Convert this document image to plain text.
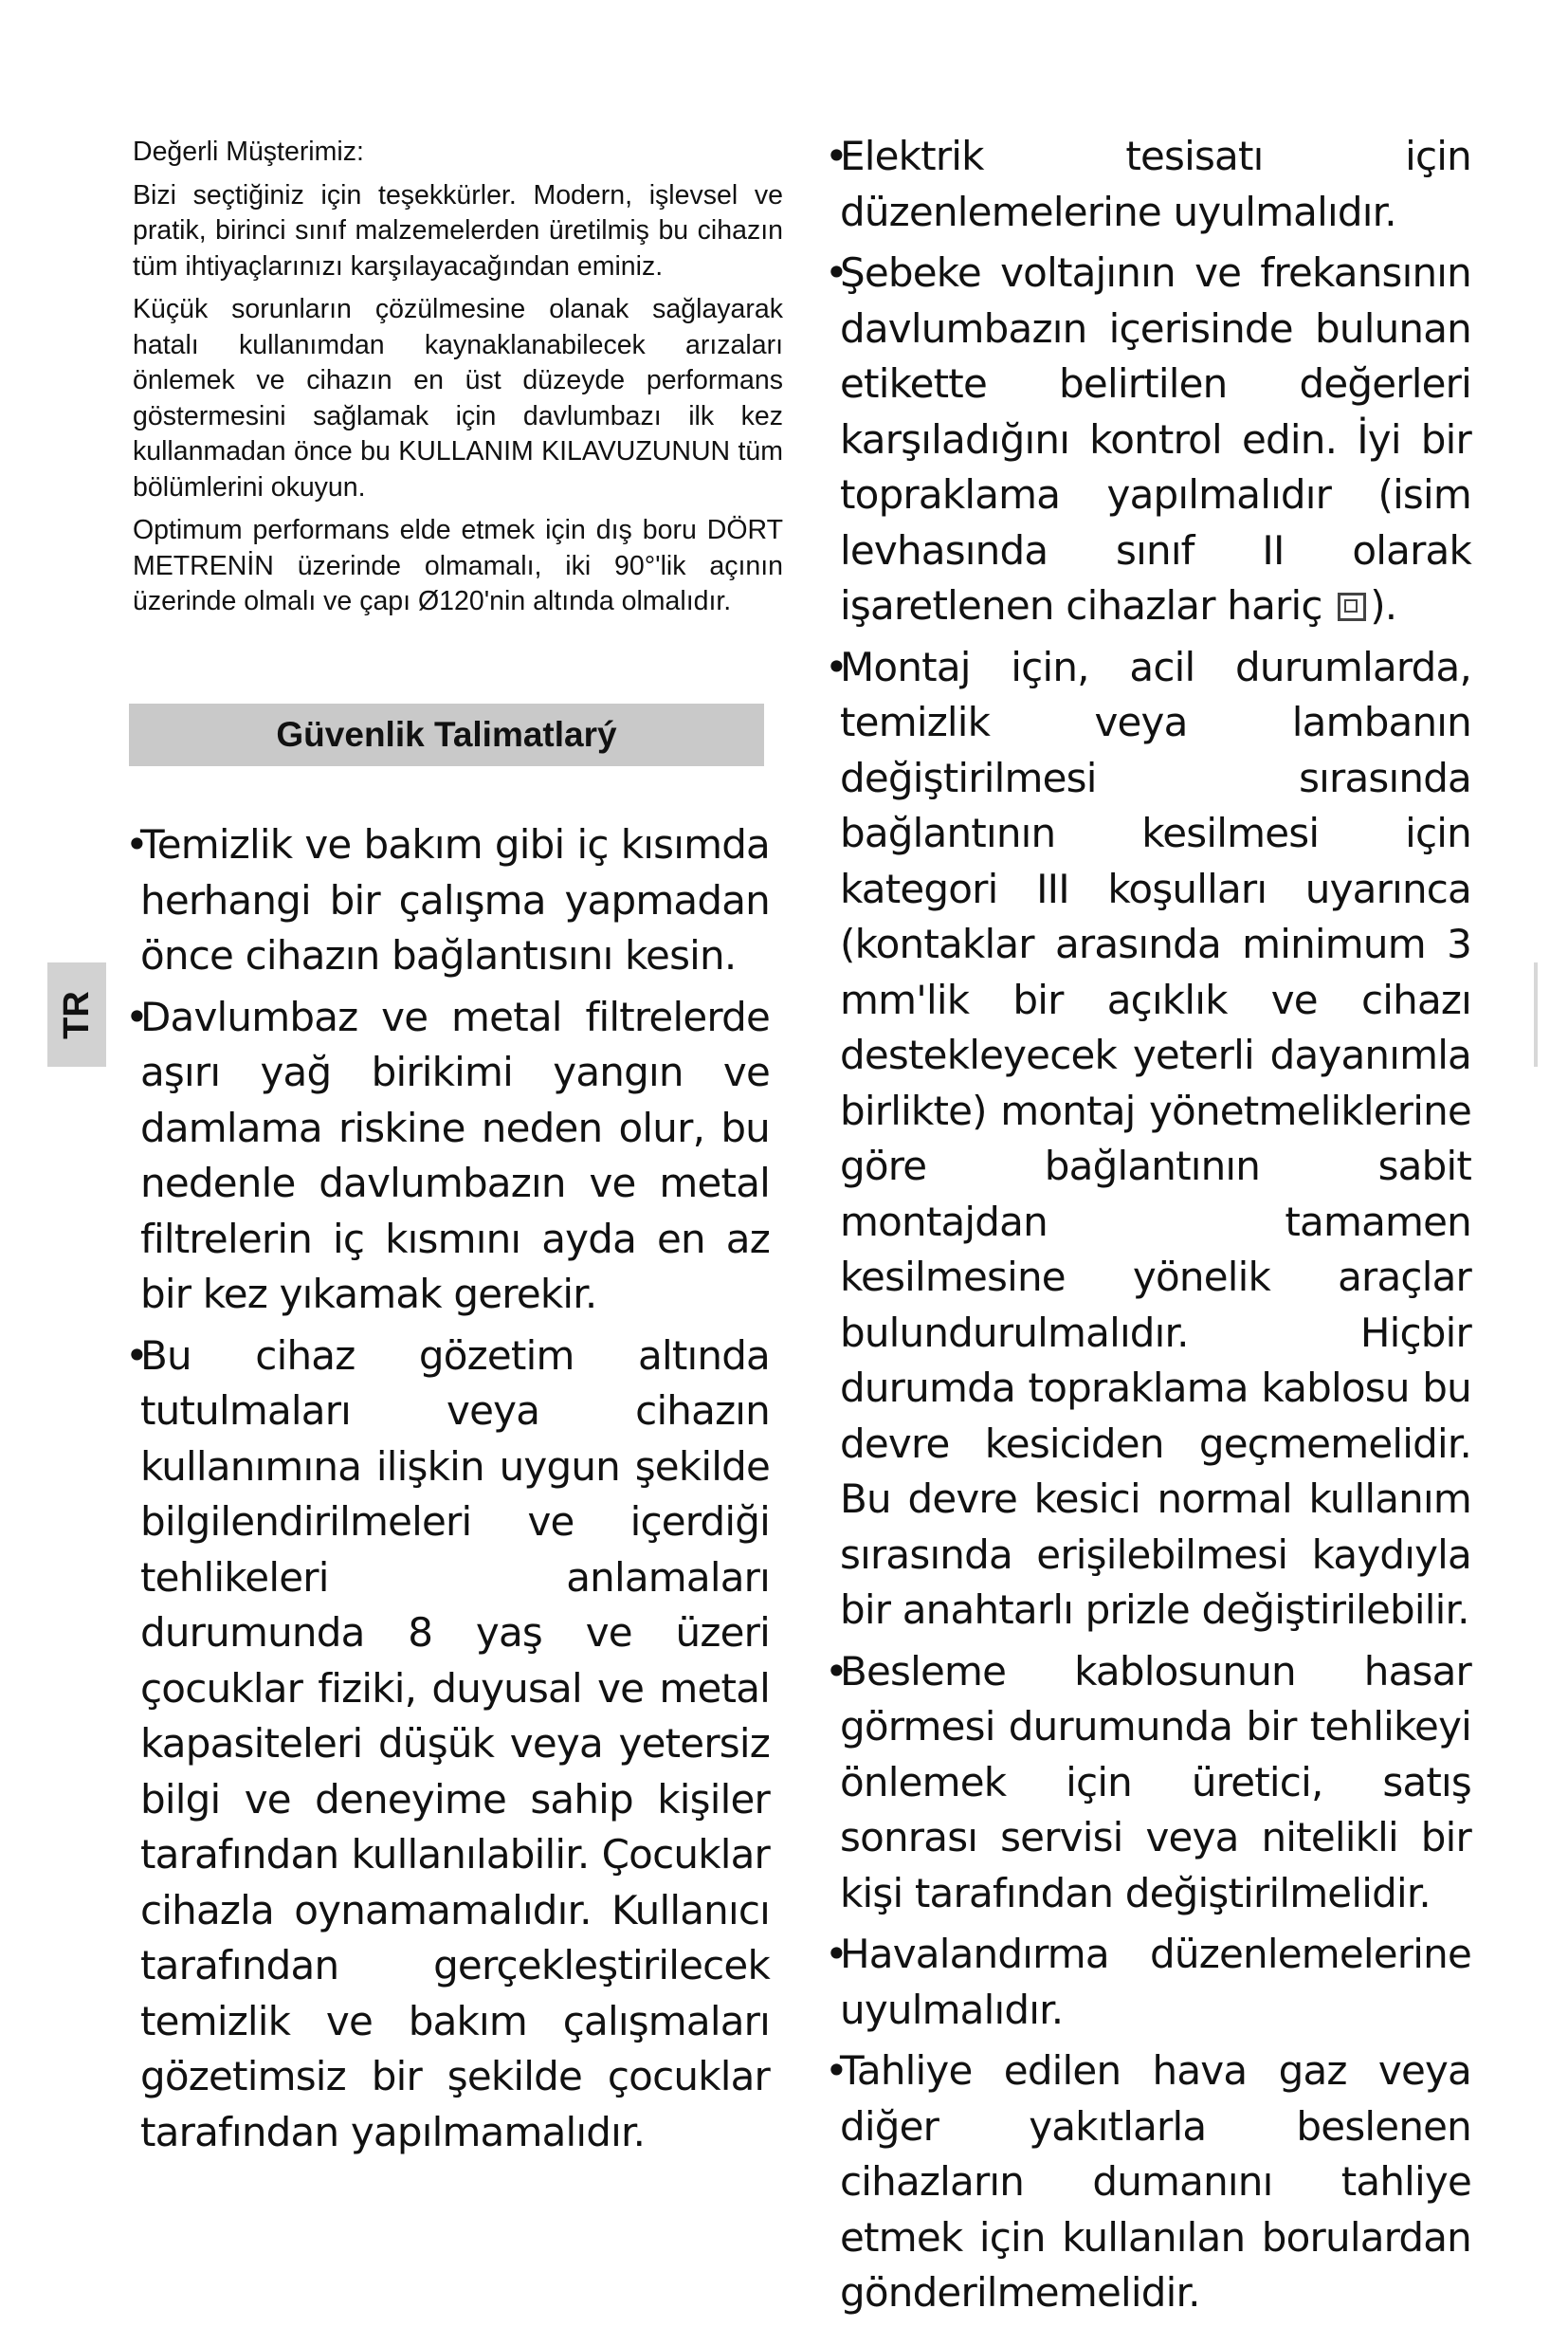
Değerli Müşterimiz:

Bizi seçtiğiniz için teşekkürler. Modern, işlevsel ve pratik, birinci sınıf malzemelerden üretilmiş bu cihazın tüm ihtiyaçlarınızı karşılayacağından eminiz.

Küçük sorunların çözülmesine olanak sağlayarak hatalı kullanımdan kaynaklanabilecek arızaları önlemek ve cihazın en üst düzeyde performans göstermesini sağlamak için davlumbazı ilk kez kullanmadan önce bu KULLANIM KILAVUZUNUN tüm bölümlerini okuyun.

Optimum performans elde etmek için dış boru DÖRT METRENİN üzerinde olmamalı, iki 90°'lik açının üzerinde olmalı ve çapı Ø120'nin altında olmalıdır.

Güvenlik Talimatlarý
TR

• Temizlik ve bakım gibi iç kısımda herhangi bir çalışma yapmadan önce cihazın bağlantısını kesin.

• Davlumbaz ve metal filtrelerde aşırı yağ birikimi yangın ve damlama riskine neden olur, bu nedenle davlumbazın ve metal filtrelerin iç kısmını ayda en az bir kez yıkamak gerekir.

• Bu cihaz gözetim altında tutulmaları veya cihazın kullanımına ilişkin uygun şekilde bilgilendirilmeleri ve içerdiği tehlikeleri anlamaları durumunda 8 yaş ve üzeri çocuklar fiziki, duyusal ve metal kapasiteleri düşük veya yetersiz bilgi ve deneyime sahip kişiler tarafından kullanılabilir. Çocuklar cihazla oynamamalıdır. Kullanıcı tarafından gerçekleştirilecek temizlik ve bakım çalışmaları gözetimsiz bir şekilde çocuklar tarafından yapılmamalıdır.

• Elektrik tesisatı için düzenlemelerine uyulmalıdır.

• Şebeke voltajının ve frekansının davlumbazın içerisinde bulunan etikette belirtilen değerleri karşıladığını kontrol edin. İyi bir topraklama yapılmalıdır (isim levhasında sınıf II olarak işaretlenen cihazlar hariç ).

• Montaj için, acil durumlarda, temizlik veya lambanın değiştirilmesi sırasında bağlantının kesilmesi için kategori III koşulları uyarınca (kontaklar arasında minimum 3 mm'lik bir açıklık ve cihazı destekleyecek yeterli dayanımla birlikte) montaj yönetmeliklerine göre bağlantının sabit montajdan tamamen kesilmesine yönelik araçlar bulundurulmalıdır. Hiçbir durumda topraklama kablosu bu devre kesiciden geçmemelidir. Bu devre kesici normal kullanım sırasında erişilebilmesi kaydıyla bir anahtarlı prizle değiştirilebilir.

• Besleme kablosunun hasar görmesi durumunda bir tehlikeyi önlemek için üretici, satış sonrası servisi veya nitelikli bir kişi tarafından değiştirilmelidir.

• Havalandırma düzenlemelerine uyulmalıdır.

• Tahliye edilen hava gaz veya diğer yakıtlarla beslenen cihazların dumanını tahliye etmek için kullanılan borulardan gönderilmemelidir.
